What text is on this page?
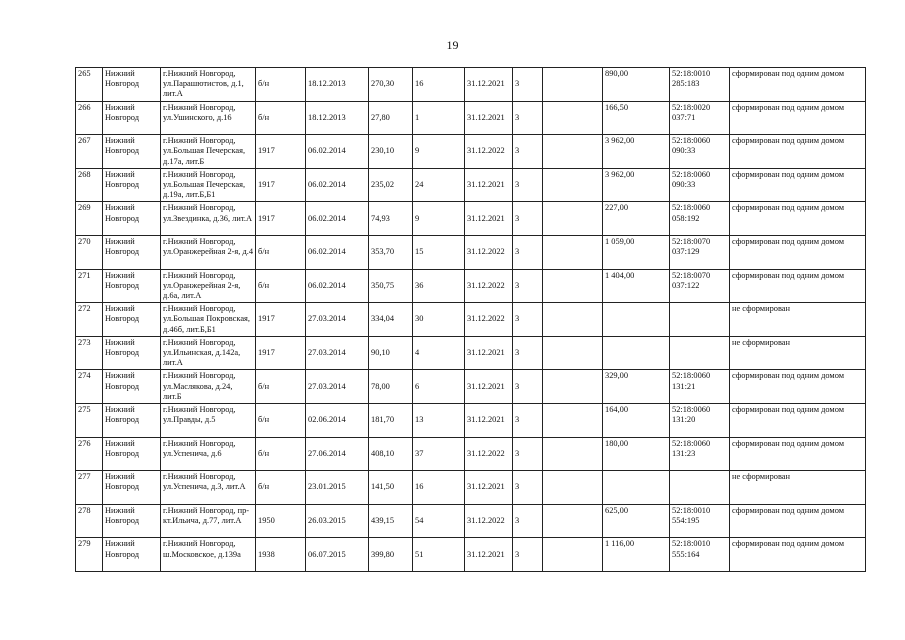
19
265	Нижний Новгород	г.Нижний Новгород, ул.Парашютистов, д.1, лит.А	б/н	18.12.2013	270,30	16	31.12.2021	3		890,00	52:18:0010 285:183	сформирован под одним домом
266	Нижний Новгород	г.Нижний Новгород, ул.Ушинского, д.16	б/н	18.12.2013	27,80	1	31.12.2021	3		166,50	52:18:0020 037:71	сформирован под одним домом
267	Нижний Новгород	г.Нижний Новгород, ул.Большая Печерская, д.17а, лит.Б	1917	06.02.2014	230,10	9	31.12.2022	3		3 962,00	52:18:0060 090:33	сформирован под одним домом
268	Нижний Новгород	г.Нижний Новгород, ул.Большая Печерская, д.19а, лит.Б,Б1	1917	06.02.2014	235,02	24	31.12.2021	3		3 962,00	52:18:0060 090:33	сформирован под одним домом
269	Нижний Новгород	г.Нижний Новгород, ул.Звездинка, д.36, лит.А	1917	06.02.2014	74,93	9	31.12.2021	3		227,00	52:18:0060 058:192	сформирован под одним домом
270	Нижний Новгород	г.Нижний Новгород, ул.Оранжерейная 2-я, д.4	б/н	06.02.2014	353,70	15	31.12.2022	3		1 059,00	52:18:0070 037:129	сформирован под одним домом
271	Нижний Новгород	г.Нижний Новгород, ул.Оранжерейная 2-я, д.6а, лит.А	б/н	06.02.2014	350,75	36	31.12.2022	3		1 404,00	52:18:0070 037:122	сформирован под одним домом
272	Нижний Новгород	г.Нижний Новгород, ул.Большая Покровская, д.46б, лит.Б,Б1	1917	27.03.2014	334,04	30	31.12.2022	3				не сформирован
273	Нижний Новгород	г.Нижний Новгород, ул.Ильинская, д.142а, лит.А	1917	27.03.2014	90,10	4	31.12.2021	3				не сформирован
274	Нижний Новгород	г.Нижний Новгород, ул.Маслякова, д.24, лит.Б	б/н	27.03.2014	78,00	6	31.12.2021	3		329,00	52:18:0060 131:21	сформирован под одним домом
275	Нижний Новгород	г.Нижний Новгород, ул.Правды, д.5	б/н	02.06.2014	181,70	13	31.12.2021	3		164,00	52:18:0060 131:20	сформирован под одним домом
276	Нижний Новгород	г.Нижний Новгород, ул.Успенича, д.6	б/н	27.06.2014	408,10	37	31.12.2022	3		180,00	52:18:0060 131:23	сформирован под одним домом
277	Нижний Новгород	г.Нижний Новгород, ул.Успенича, д.3, лит.А	б/н	23.01.2015	141,50	16	31.12.2021	3				не сформирован
278	Нижний Новгород	г.Нижний Новгород, пр-кт.Ильича, д.77, лит.А	1950	26.03.2015	439,15	54	31.12.2022	3		625,00	52:18:0010 554:195	сформирован под одним домом
279	Нижний Новгород	г.Нижний Новгород, ш.Московское, д.139а	1938	06.07.2015	399,80	51	31.12.2021	3		1 116,00	52:18:0010 555:164	сформирован под одним домом
